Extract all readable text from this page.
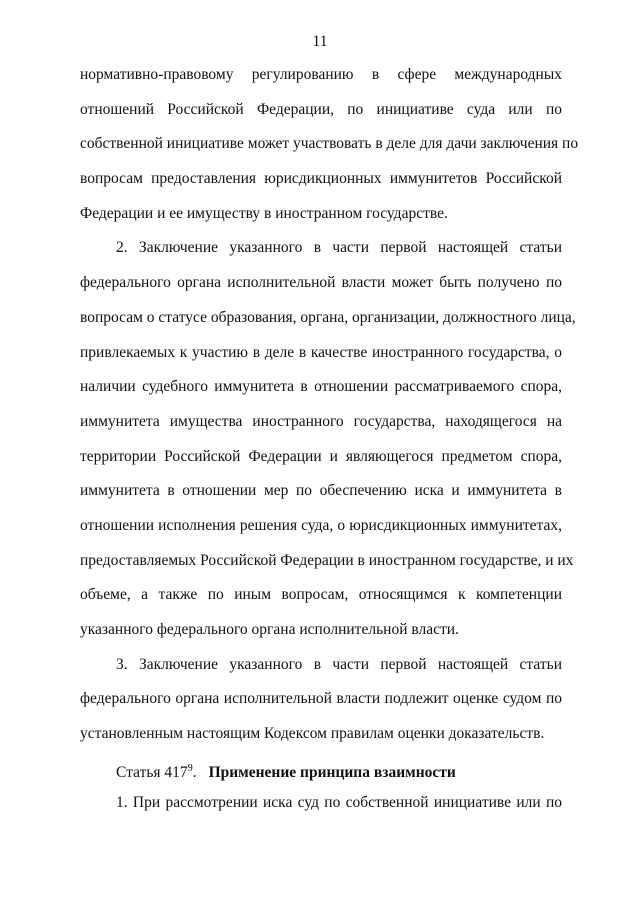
11
нормативно-правовому регулированию в сфере международных
отношений Российской Федерации, по инициативе суда или по
собственной инициативе может участвовать в деле для дачи заключения по
вопросам предоставления юрисдикционных иммунитетов Российской
Федерации и ее имуществу в иностранном государстве.
2. Заключение указанного в части первой настоящей статьи
федерального органа исполнительной власти может быть получено по
вопросам о статусе образования, органа, организации, должностного лица,
привлекаемых к участию в деле в качестве иностранного государства, о
наличии судебного иммунитета в отношении рассматриваемого спора,
иммунитета имущества иностранного государства, находящегося на
территории Российской Федерации и являющегося предметом спора,
иммунитета в отношении мер по обеспечению иска и иммунитета в
отношении исполнения решения суда, о юрисдикционных иммунитетах,
предоставляемых Российской Федерации в иностранном государстве, и их
объеме, а также по иным вопросам, относящимся к компетенции
указанного федерального органа исполнительной власти.
3. Заключение указанного в части первой настоящей статьи
федерального органа исполнительной власти подлежит оценке судом по
установленным настоящим Кодексом правилам оценки доказательств.
Статья $417^9$. Применение принципа взаимности
1. При рассмотрении иска суд по собственной инициативе или по
